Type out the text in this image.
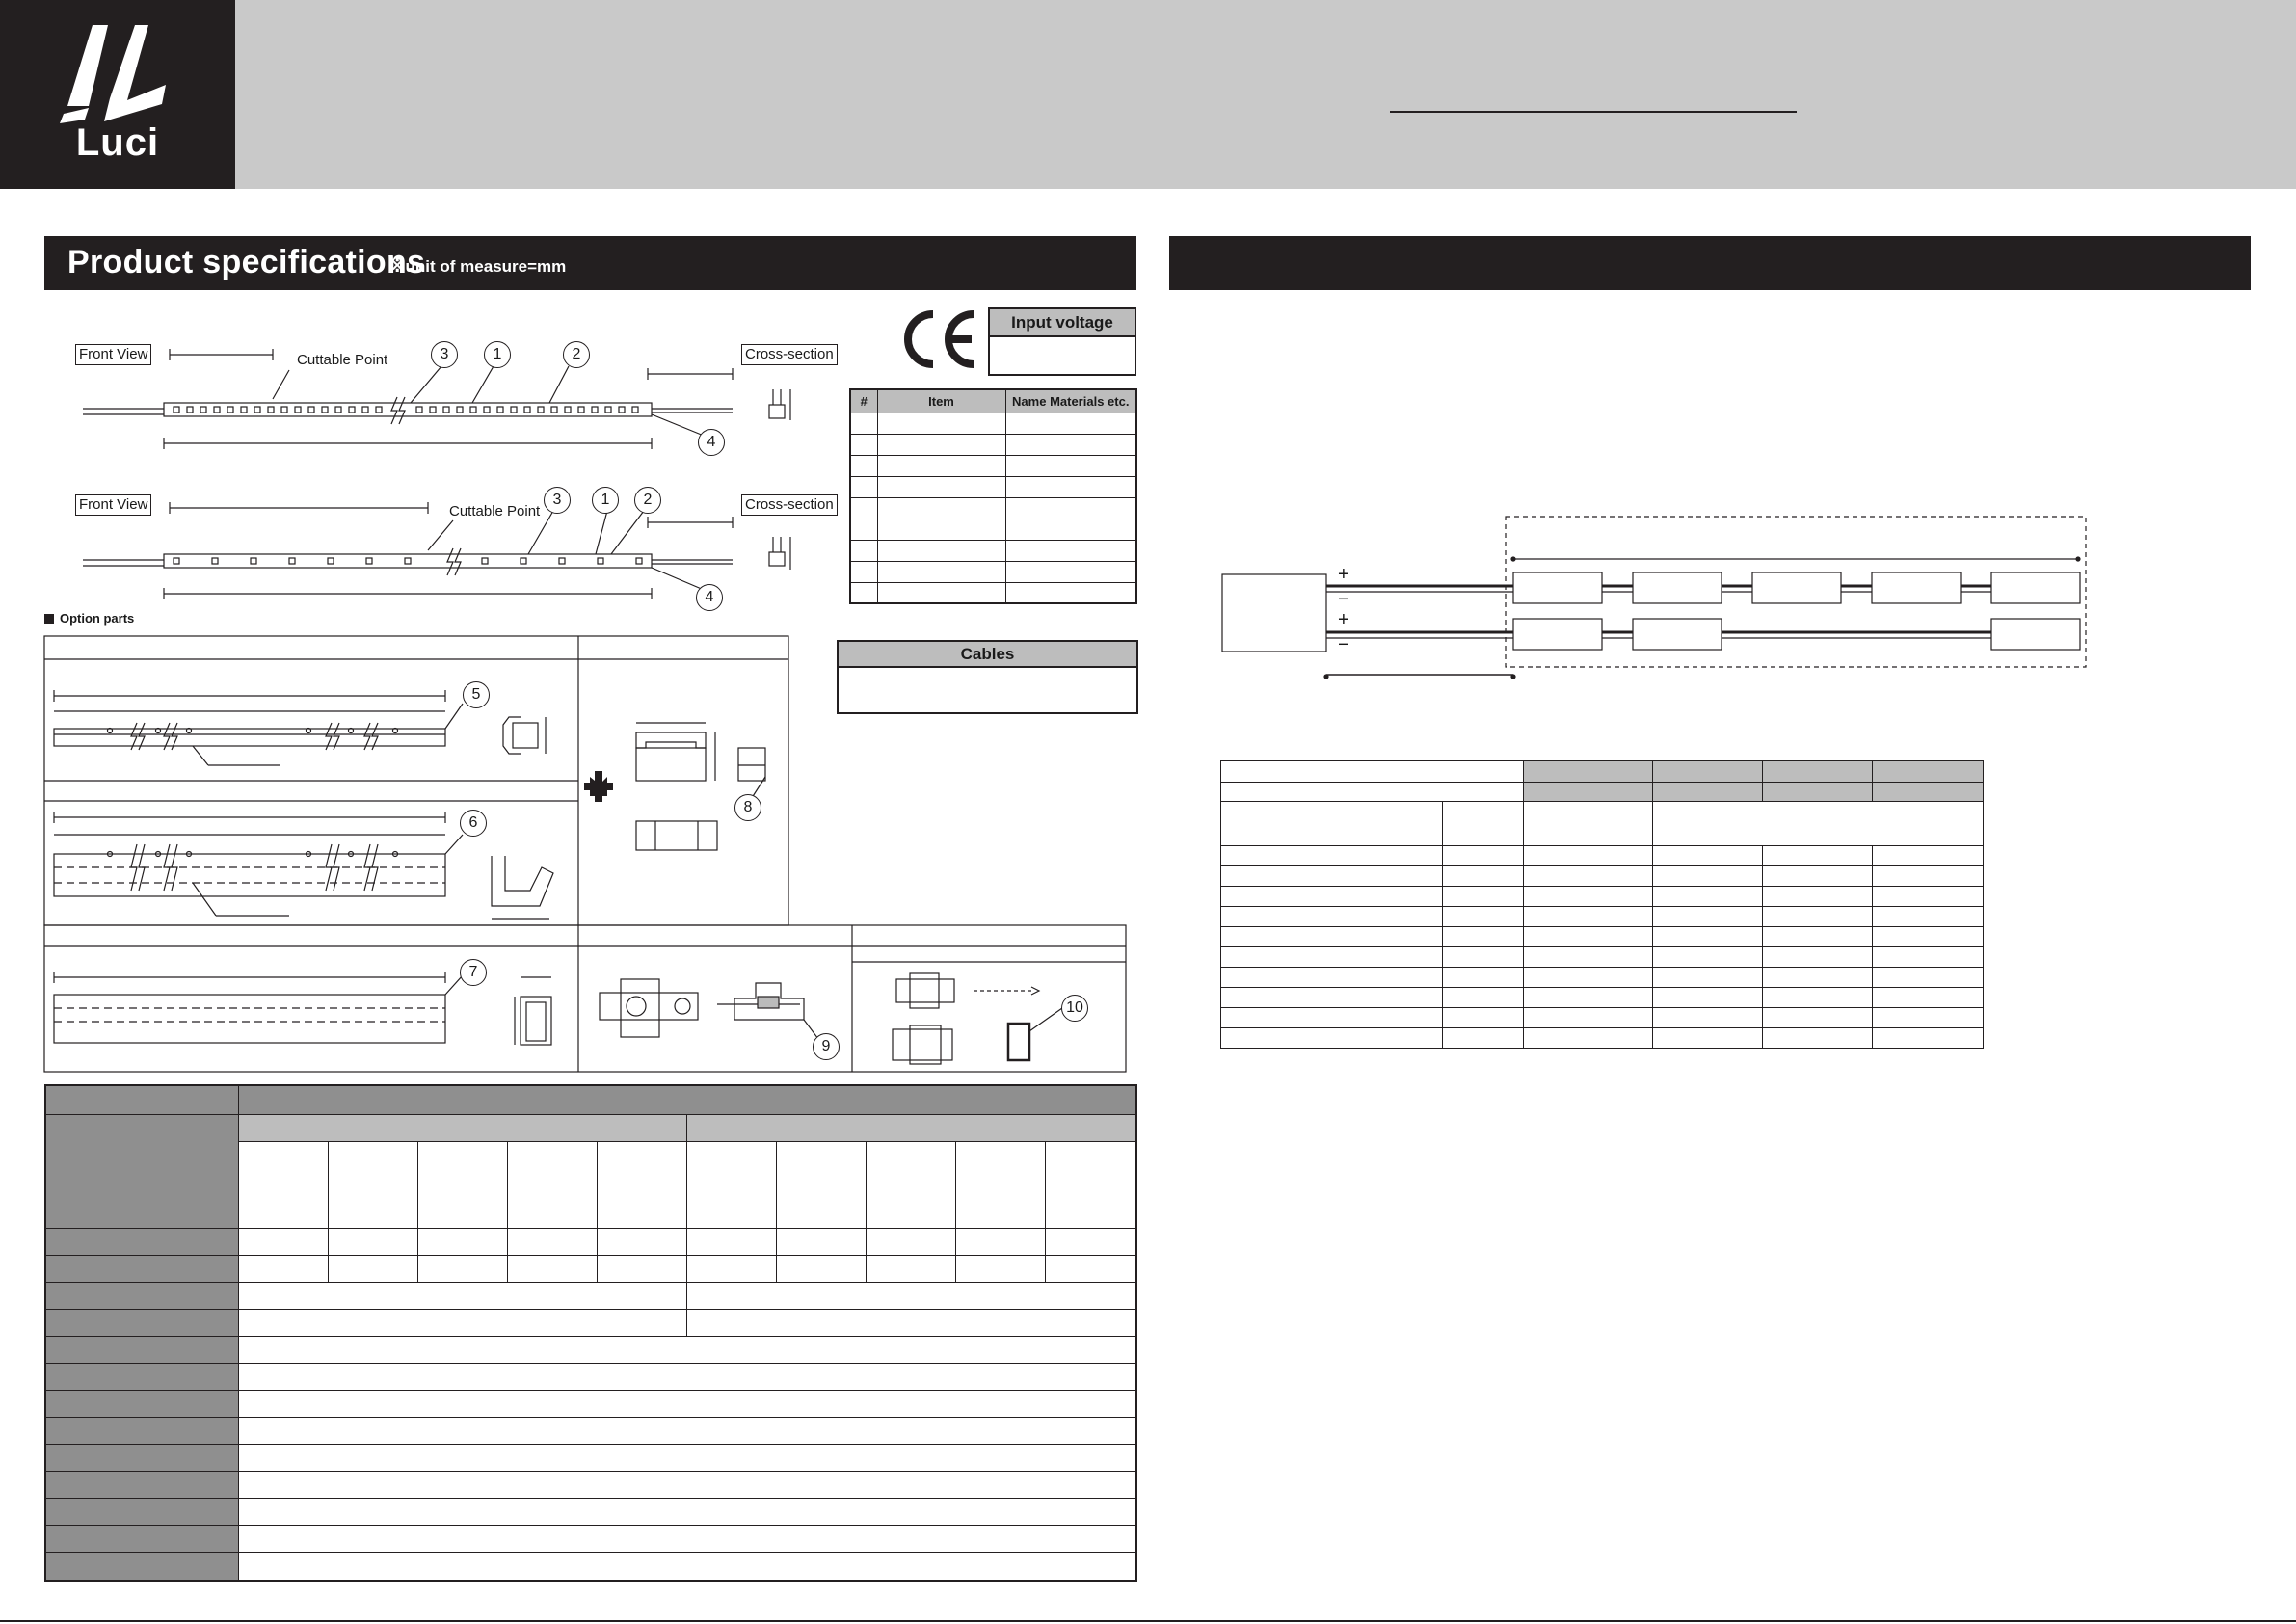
Luci
Product specifications
※unit of measure=mm
Front View	Cuttable Point	Cross-section
3	1	2
4
Front View	Cuttable Point	Cross-section
3	1	2
4
Input voltage
#	Item	Name Materials etc.

Cables
Option parts
5
6
7
8
9
10

+
−
+
−
